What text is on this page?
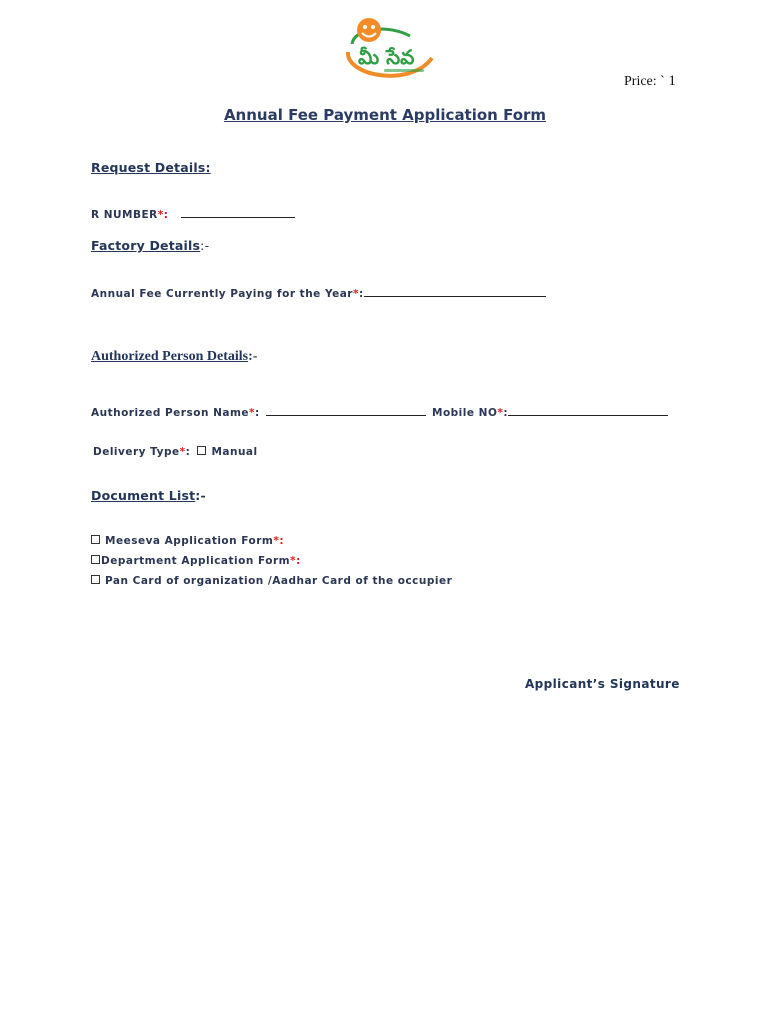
మీ సేవ
Price: ` 1
Annual Fee Payment Application Form
Request Details:
R NUMBER*:
Factory Details:-
Annual Fee Currently Paying for the Year*:
Authorized Person Details:-
Authorized Person Name*:	Mobile NO*:
Delivery Type*: Manual
Document List:-
Meeseva Application Form*:
Department Application Form*:
Pan Card of organization /Aadhar Card of the occupier
Applicant’s Signature
